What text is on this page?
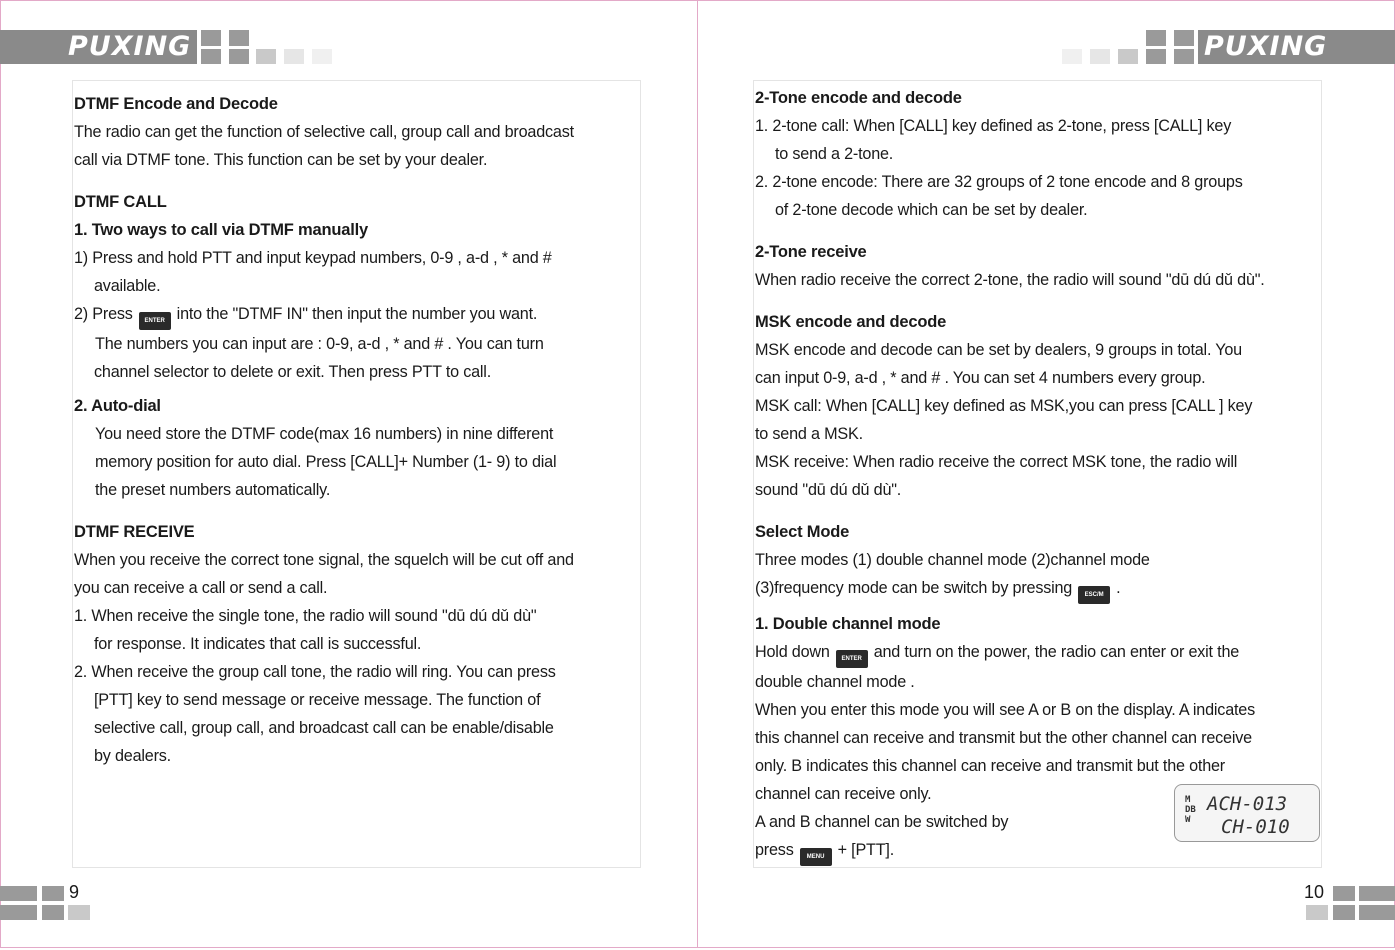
PUXING

DTMF Encode and Decode

The radio can get the function of selective call, group call and broadcast

call via DTMF tone. This function can be set by your dealer.

DTMF CALL

1. Two ways to call via DTMF manually

1) Press and hold PTT and input keypad numbers, 0-9 , a-d , * and #

available.

2) Press ENTER into the "DTMF IN" then input the number you want.

The numbers you can input are : 0-9, a-d , * and # . You can turn

channel selector to delete or exit. Then press PTT to call.

2. Auto-dial

You need store the DTMF code(max 16 numbers) in nine different

memory position for auto dial. Press [CALL]+ Number (1- 9) to dial

the preset numbers automatically.

DTMF RECEIVE

When you receive the correct tone signal, the squelch will be cut off and

you can receive a call or send a call.

1. When receive the single tone, the radio will sound "dū dú dǔ dù"

for response. It indicates that call is successful.

2. When receive the group call tone, the radio will ring. You can press

[PTT] key to send message or receive message. The function of

selective call, group call, and broadcast call can be enable/disable

by dealers.

9
PUXING

2-Tone encode and decode

1. 2-tone call: When [CALL] key defined as 2-tone, press [CALL] key

to send a 2-tone.

2. 2-tone encode: There are 32 groups of 2 tone encode and 8 groups

of 2-tone decode which can be set by dealer.

2-Tone receive

When radio receive the correct 2-tone, the radio will sound "dū dú dǔ dù".

MSK encode and decode

MSK encode and decode can be set by dealers, 9 groups in total. You

can input 0-9, a-d , * and # . You can set 4 numbers every group.

MSK call: When [CALL] key defined as MSK,you can press [CALL ] key

to send a MSK.

MSK receive: When radio receive the correct MSK tone, the radio will

sound "dū dú dǔ dù".

Select Mode

Three modes (1) double channel mode (2)channel mode

(3)frequency mode can be switch by pressing ESC/M .

1. Double channel mode

Hold down ENTER and turn on the power, the radio can enter or exit the

double channel mode .

When you enter this mode you will see A or B on the display. A indicates

this channel can receive and transmit but the other channel can receive

only. B indicates this channel can receive and transmit but the other

channel can receive only.

A and B channel can be switched by

press MENU + [PTT].

M
DB
W
ACH-013
CH-010
10
